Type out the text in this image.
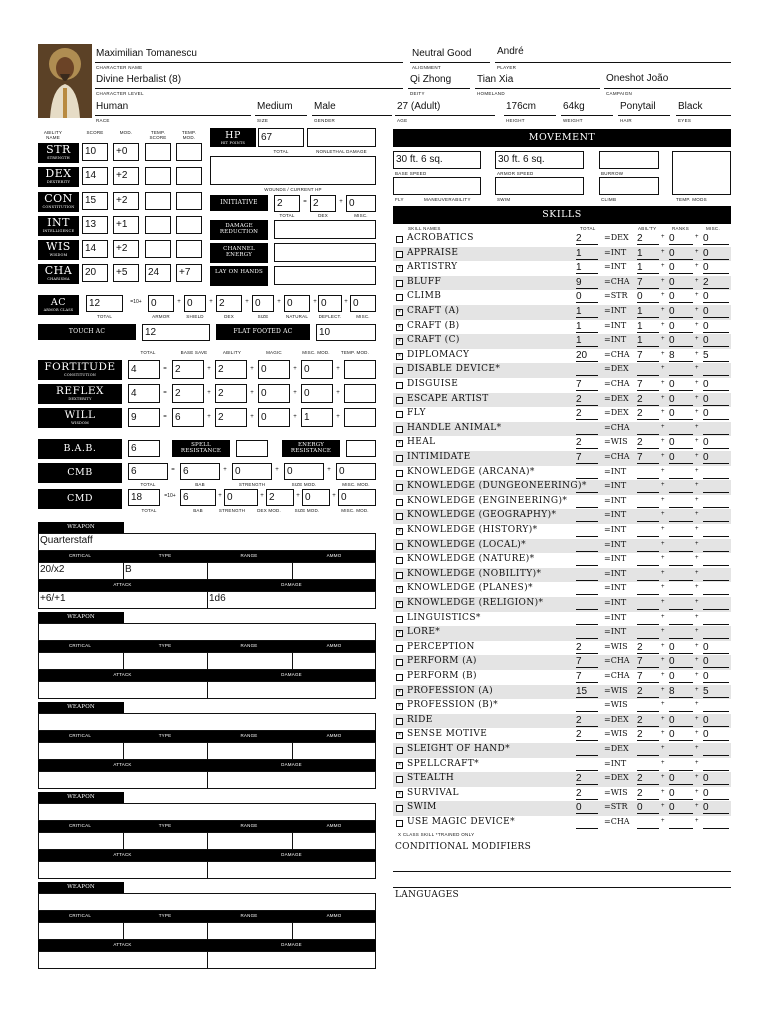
Maximilian Tomanescu
CHARACTER NAME
Neutral Good
ALIGNMENT
André
PLAYER
Divine Herbalist (8)
CHARACTER LEVEL
Qi Zhong
DEITY
Tian Xia
HOMELAND
Oneshot João
CAMPAIGN
Human
RACE
Medium
SIZE
Male
GENDER
27 (Adult)
AGE
176cm
HEIGHT
64kg
WEIGHT
Ponytail
HAIR
Black
EYES
ABILITY NAME
SCORE	MOD.	TEMP. SCORE
TEMP. MOD.
STR
STRENGTH
10	+0
DEX
DEXTERITY
14	+2
CON
CONSTITUTION
15	+2
INT
INTELLIGENCE
13	+1
WIS
WISDOM
14	+2
CHA
CHARISMA
20	+5	24	+7
HP
HIT POINTS	67
TOTAL	NONLETHAL DAMAGE
WOUNDS / CURRENT HP
INITIATIVE	2	= 2	+ 0
TOTAL	DEX	MISC.
DAMAGE REDUCTION
CHANNEL ENERGY
LAY ON HANDS
AC
ARMOR CLASS
12	=10+ 0	+ 0	+ 2	+ 0	+ 0	+ 0	+ 0
TOTAL	ARMOR	SHIELD	DEX	SIZE	NATURAL	DEFLECT.	MISC.
TOUCH AC	12	FLAT FOOTED AC	10
TOTAL	BASE SAVE	ABILITY	MAGIC	MISC. MOD.	TEMP. MOD.
FORTITUDE
CONSTITUTION	4	= 2	+ 2	+ 0	+ 0	+
REFLEX
DEXTERITY	4	= 2	+ 2	+ 0	+ 0	+
WILL
WISDOM	9	= 6	+ 2	+ 0	+ 1	+
B.A.B.	6	SPELL RESISTANCE
ENERGY RESISTANCE
CMB	6	= 6	+ 0	+ 0	+ 0
TOTAL	BAB	STRENGTH	SIZE MOD.	MISC. MOD.
CMD	18	=10+ 6	+ 0	+ 2	+ 0	+ 0
TOTAL	BAB	STRENGTH	DEX MOD.	SIZE MOD.	MISC. MOD.
WEAPON
Quarterstaff
CRITICAL	TYPE	RANGE	AMMO
20/x2	B
ATTACK	DAMAGE
+6/+1	1d6
WEAPON
CRITICAL	TYPE	RANGE	AMMO
ATTACK	DAMAGE
WEAPON
CRITICAL	TYPE	RANGE	AMMO
ATTACK	DAMAGE
WEAPON
CRITICAL	TYPE	RANGE	AMMO
ATTACK	DAMAGE
WEAPON
CRITICAL	TYPE	RANGE	AMMO
ATTACK	DAMAGE
MOVEMENT
30 ft. 6 sq.
BASE SPEED
30 ft. 6 sq.
ARMOR SPEED	BURROW
TEMP. MODS
FLY	MANEUVERABILITY	SWIM	CLIMB
SKILLS
SKILL NAMES	TOTAL	ABIL'TY	RANKS	MISC.
ACROBATICS	2	=DEX 2	+ 0	+ 0
APPRAISE	1	=INT 1	+ 0	+ 0
× ARTISTRY	1	=INT 1	+ 0	+ 0
BLUFF	9	=CHA 7	+ 0	+ 2
CLIMB	0	=STR 0	+ 0	+ 0
× CRAFT (A)	1	=INT 1	+ 0	+ 0
× CRAFT (B)	1	=INT 1	+ 0	+ 0
× CRAFT (C)	1	=INT 1	+ 0	+ 0
× DIPLOMACY	20	=CHA 7	+ 8	+ 5
DISABLE DEVICE*	=DEX	+	+
DISGUISE	7	=CHA 7	+ 0	+ 0
ESCAPE ARTIST	2	=DEX 2	+ 0	+ 0
FLY	2	=DEX 2	+ 0	+ 0
HANDLE ANIMAL*	=CHA	+	+
× HEAL	2	=WIS 2	+ 0	+ 0
INTIMIDATE	7	=CHA 7	+ 0	+ 0
KNOWLEDGE (ARCANA)*	=INT	+	+
KNOWLEDGE (DUNGEONEERING)* =INT	+	+
KNOWLEDGE (ENGINEERING)*	=INT	+	+
KNOWLEDGE (GEOGRAPHY)*	=INT	+	+
× KNOWLEDGE (HISTORY)*	=INT	+	+
KNOWLEDGE (LOCAL)*	=INT	+	+
KNOWLEDGE (NATURE)*	=INT	+	+
KNOWLEDGE (NOBILITY)*	=INT	+	+
× KNOWLEDGE (PLANES)*	=INT	+	+
× KNOWLEDGE (RELIGION)*	=INT	+	+
LINGUISTICS*	=INT	+	+
× LORE*	=INT	+	+
PERCEPTION	2	=WIS 2	+ 0	+ 0
PERFORM (A)	7	=CHA 7	+ 0	+ 0
PERFORM (B)	7	=CHA 7	+ 0	+ 0
× PROFESSION (A)	15	=WIS 2	+ 8	+ 5
× PROFESSION (B)*	=WIS	+	+
RIDE	2	=DEX 2	+ 0	+ 0
× SENSE MOTIVE	2	=WIS 2	+ 0	+ 0
SLEIGHT OF HAND*	=DEX	+	+
× SPELLCRAFT*	=INT	+	+
STEALTH	2	=DEX 2	+ 0	+ 0
× SURVIVAL	2	=WIS 2	+ 0	+ 0
SWIM	0	=STR 0	+ 0	+ 0
USE MAGIC DEVICE*	=CHA	+	+
X CLASS SKILL *TRAINED ONLY
CONDITIONAL MODIFIERS
LANGUAGES
